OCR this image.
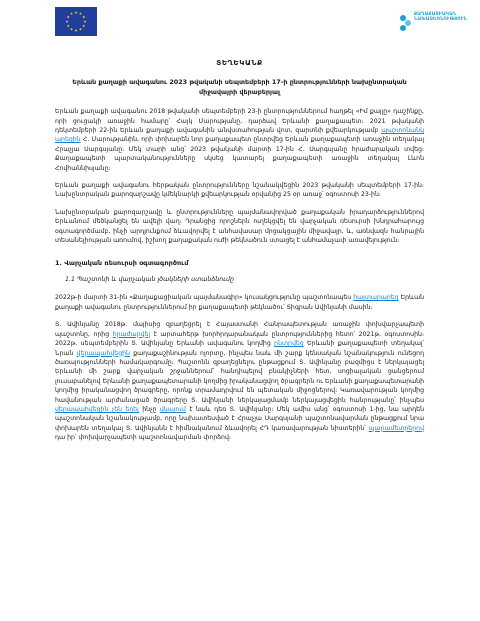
ՔԱՂԱՔԱՑԻԱԿԱՆ ՆԱԽԱՁԵՌՆՈՒԹՅՈՒՆ
ՏԵՂԵԿԱՆՔ
Երևան քաղաքի ավագանու 2023 թվականի սեպտեմբերի 17-ի ընտրությունների նախընտրական միջավայրի վերաբերյալ

Երևան քաղաքի ավագանու 2018 թվականի սեպտեմբերի 23-ի ընտրություններում հաղթել «Իմ քայլը» դաշինքը, որի ցուցակի առաջին համարը՝ Հայկ Մարությանը, դարձավ Երևանի քաղաքապետ։ 2021 թվականի դեկտեմբերի 22-ին Երևան քաղաքի ավագանին անվստահության վոտ, զարտնի քվեարկությամբ պաշտոնանկ արեցին Հ. Մարությանին, որի փոխարեն նոր քաղաքապետ ընտրվեց Երևան քաղաքապետի առաջին տեղակալ Հրաչյա Սարգսյանը։ Մեկ տարի անց՝ 2023 թվականի մարտի 17-ին Հ. Սարգսյանը հրաժարական տվեց։ Քաղաքապետի պարտականությունները սկսեց կատարել քաղաքապետի առաջին տեղակալ Լևոն Հովհաննիսյանը։

Երևան քաղաքի ավագանու հերթական ընտրությունները նշանակվեցին 2023 թվականի սեպտեմբերի 17-ին։ Նախընտրական քարոզարշավը կմեկնարկի քվեարկության օրվանից 25 օր առաջ՝ օգոստոսի 23-ին։

Նախընտրական քարոզարշավը և ընտրությունները պայմանավորված քաղաքական իրադարձություններով Երևանում մեծկանցել են ավելի վաղ։ Դրանցից որոշներն ուղեկցվել են վարչական ռեսուրսի խնդրահարույց օգտագործմամբ, ինչի արդյունքում ձևավորվել է անհավասար մրցակցային միջավայր, և, առնվազն հանրային տեսանելիության առումով, իշխող քաղաքական ուժի թեկնածուն ստացել է անհամաչափ առավելություն։

1. Վարչական ռեսուրսի օգտագործում
1.1 Պաշտոնի և վարչական լծակների ստանձնումը

2022թ-ի մարտի 31-ին «Քաղաքացիական պայմանագիր» կուսակցությունը պաշտոնապես հայտարարեց Երևան քաղաքի ավագանու ընտրություններում իր քաղաքապետի թեկնածու՝ Տիգրան Ավինյանի մասին։

Տ. Ավինյանը 2018թ. մայիսից զբաղեցրել է Հայաստանի Հանրապետության առաջին փոխվարչապետի պաշտոնը, որից հրաժարվել է արտահերթ խորհրդարանական ընտրություններից հետո՝ 2021թ. օգոստոսին։ 2022թ. սեպտեմբերին Տ. Ավինյանը Երևանի ավագանու կողմից ընտրվեց Երևանի քաղաքապետի տեղակալ՝ Նրան վերապահվեցին քաղաքաշինության ոլորտը, ինչպես նաև մի շարք կենսական նշանակություն ունեցող ծառայությունների համակարգումը։ Պաշտոնն զբաղեցնելու ընթացքում Տ. Ավինյանը բազմիցս է ներկայացել Երևանի մի շարք վարչական շրջաններում՝ հանդիպելով բնակիչների հետ, սոցիալական ցանցերում լուսաբանելով Երևանի քաղաքապետարանի կողմից իրականացվող ծրագրերն ու Երևանի քաղաքապետարանի կողմից իրականացվող ծրագրերը, որոնք տրամադրվում են պետական միջոցներով։ Կառավարության կողմից հավանության արժանացած ծրագրերը Տ. Ավինյանի ներկայացմամբ ներկայացվեցին հանրությանը՝ ինչպես վերապահվեցին չեն եղել ինչը վկայում է նաև դեռ Տ. Ավինյանը։ Մեկ ամիս անց՝ օգոստոսի 1-ից, նա արդեն պաշտոնական նշանակությամբ, որը նախատեսված է Հրաչյա Սարգսյանի պաշտոնավարման ընթացքում նրա փոխարեն տեղակալ Տ. Ավինյանն է հիմնականում ձևավորել ՀԴ կառավարության նիստերին՝ պարամետրերով դա իր՝ փոխվարչապետի պաշտոնավարման փորձով։
